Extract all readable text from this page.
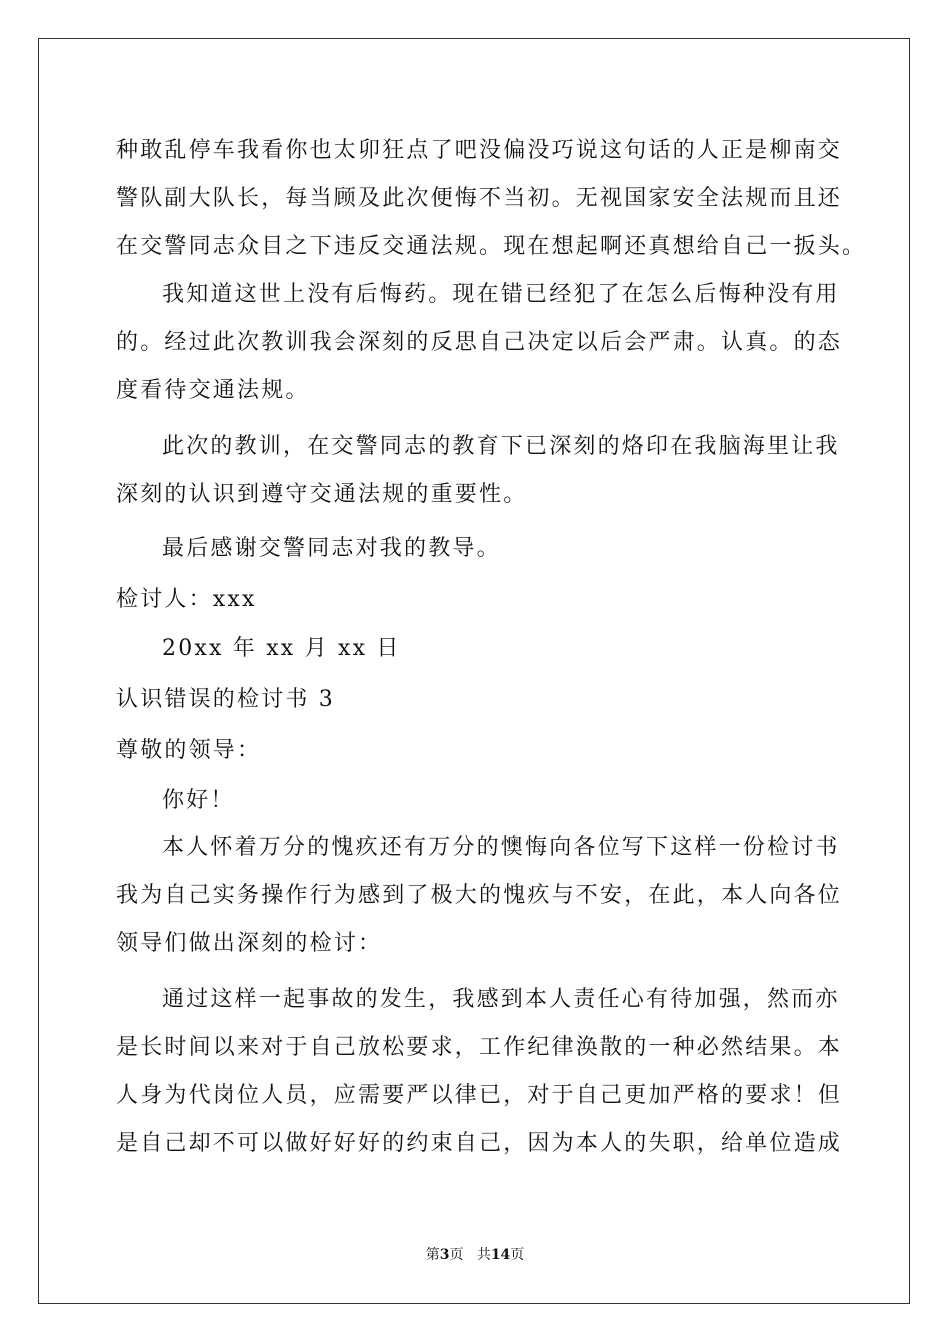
种敢乱停车我看你也太卯狂点了吧没偏没巧说这句话的人正是柳南交
警队副大队长，每当顾及此次便悔不当初。无视国家安全法规而且还
在交警同志众目之下违反交通法规。现在想起啊还真想给自己一扳头。
我知道这世上没有后悔药。现在错已经犯了在怎么后悔种没有用
的。经过此次教训我会深刻的反思自己决定以后会严肃。认真。的态
度看待交通法规。
此次的教训，在交警同志的教育下已深刻的烙印在我脑海里让我
深刻的认识到遵守交通法规的重要性。
最后感谢交警同志对我的教导。
检讨人：xxx
20xx 年 xx 月 xx 日
认识错误的检讨书 3
尊敬的领导：
你好！
本人怀着万分的愧疚还有万分的懊悔向各位写下这样一份检讨书
我为自己实务操作行为感到了极大的愧疚与不安，在此，本人向各位
领导们做出深刻的检讨：
通过这样一起事故的发生，我感到本人责任心有待加强，然而亦
是长时间以来对于自己放松要求，工作纪律涣散的一种必然结果。本
人身为代岗位人员，应需要严以律已，对于自己更加严格的要求！但
是自己却不可以做好好好的约束自己，因为本人的失职，给单位造成
第3页 共14页
